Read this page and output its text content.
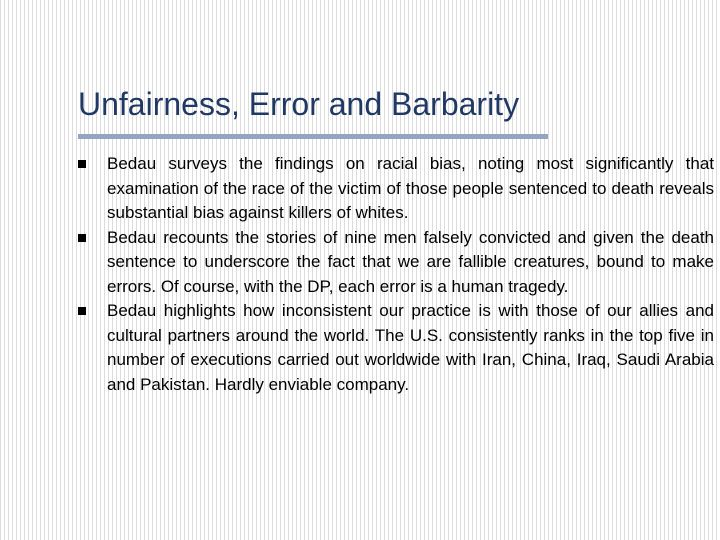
Unfairness, Error and Barbarity
Bedau surveys the findings on racial bias, noting most significantly that examination of the race of the victim of those people sentenced to death reveals substantial bias against killers of whites.
Bedau recounts the stories of nine men falsely convicted and given the death sentence to underscore the fact that we are fallible creatures, bound to make errors. Of course, with the DP, each error is a human tragedy.
Bedau highlights how inconsistent our practice is with those of our allies and cultural partners around the world. The U.S. consistently ranks in the top five in number of executions carried out worldwide with Iran, China, Iraq, Saudi Arabia and Pakistan. Hardly enviable company.
